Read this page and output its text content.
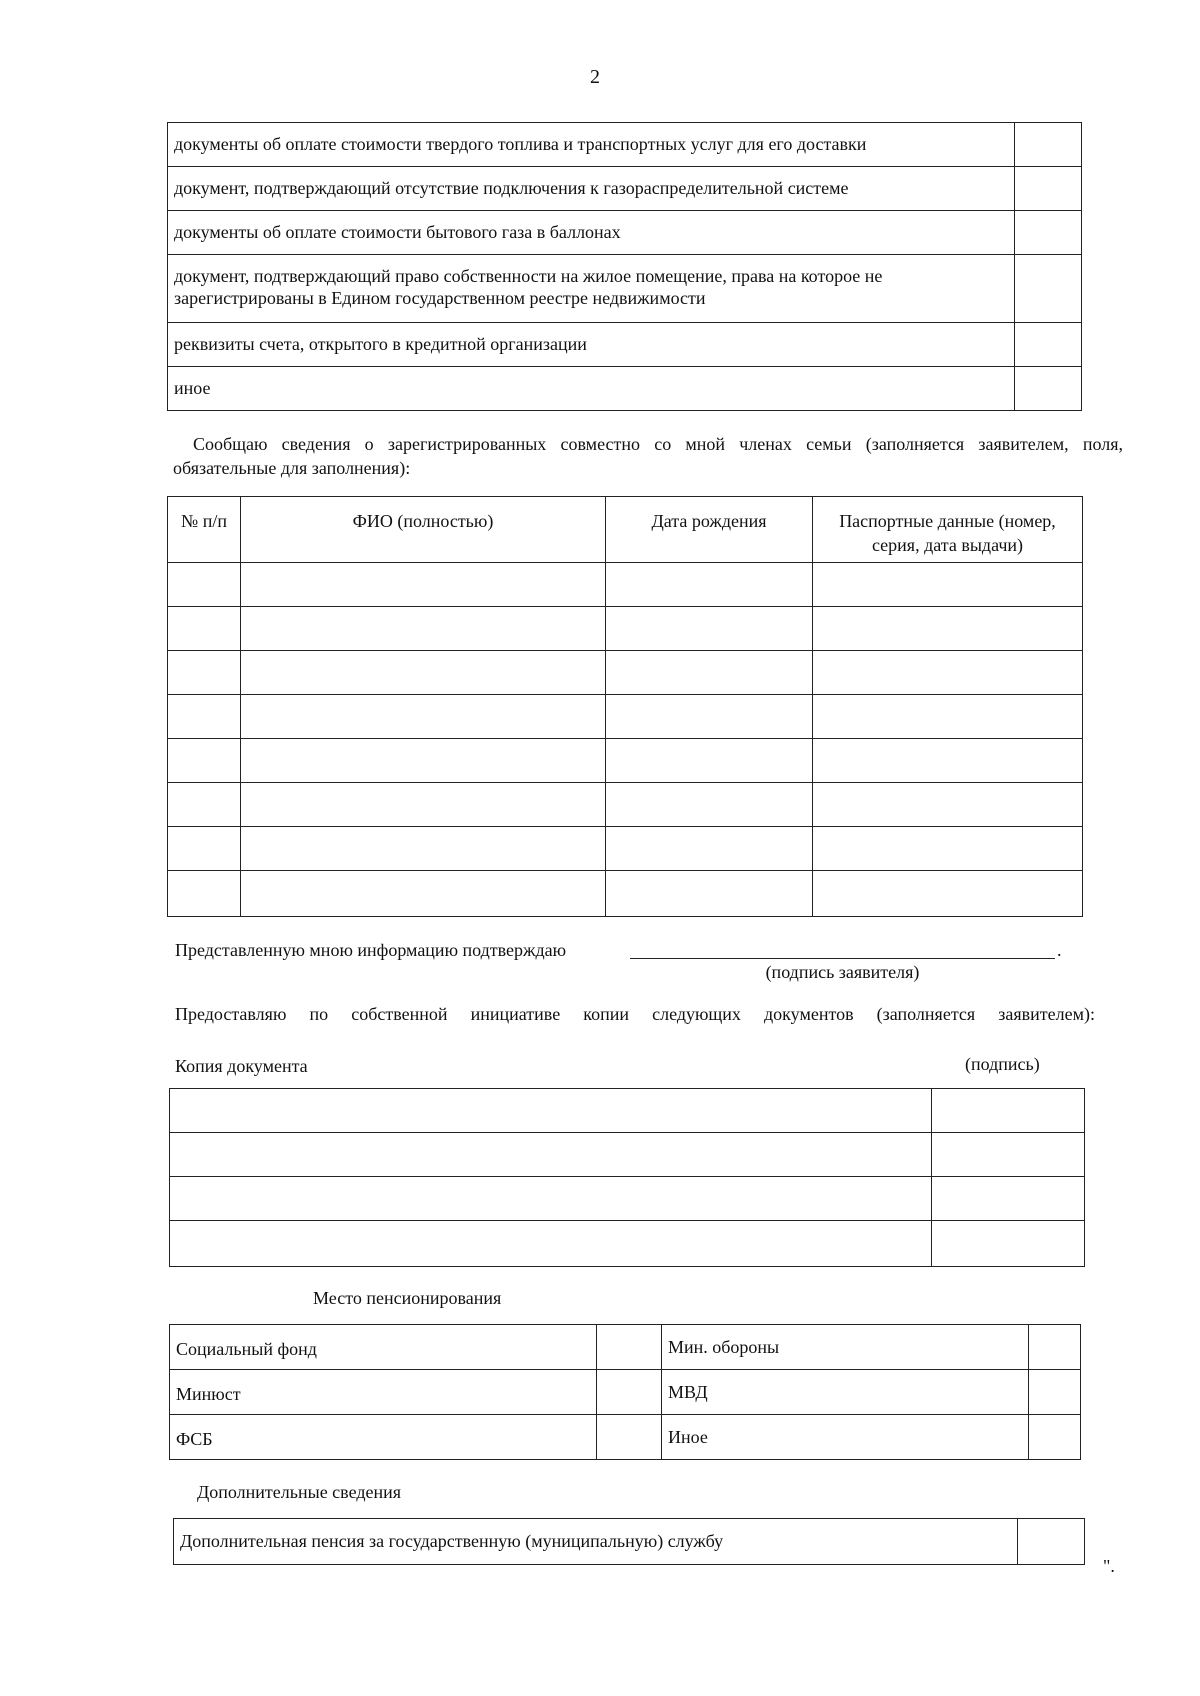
2
документы об оплате стоимости твердого топлива и транспортных услуг для его доставки	
документ, подтверждающий отсутствие подключения к газораспределительной системе	
документы об оплате стоимости бытового газа в баллонах	
документ, подтверждающий право собственности на жилое помещение, права на которое не зарегистрированы в Едином государственном реестре недвижимости	
реквизиты счета, открытого в кредитной организации	
иное	
Сообщаю сведения о зарегистрированных совместно со мной членах семьи (заполняется заявителем, поля, обязательные для заполнения):
№ п/п	ФИО (полностью)	Дата рождения	Паспортные данные (номер, серия, дата выдачи)

Представленную мною информацию подтверждаю	.
(подпись заявителя)
Предоставляю по собственной инициативе копии следующих документов (заполняется заявителем):
Копия документа	(подпись)

Место пенсионирования
Социальный фонд		Мин. обороны	
Минюст		МВД	
ФСБ		Иное	
Дополнительные сведения
Дополнительная пенсия за государственную (муниципальную) службу	
".
